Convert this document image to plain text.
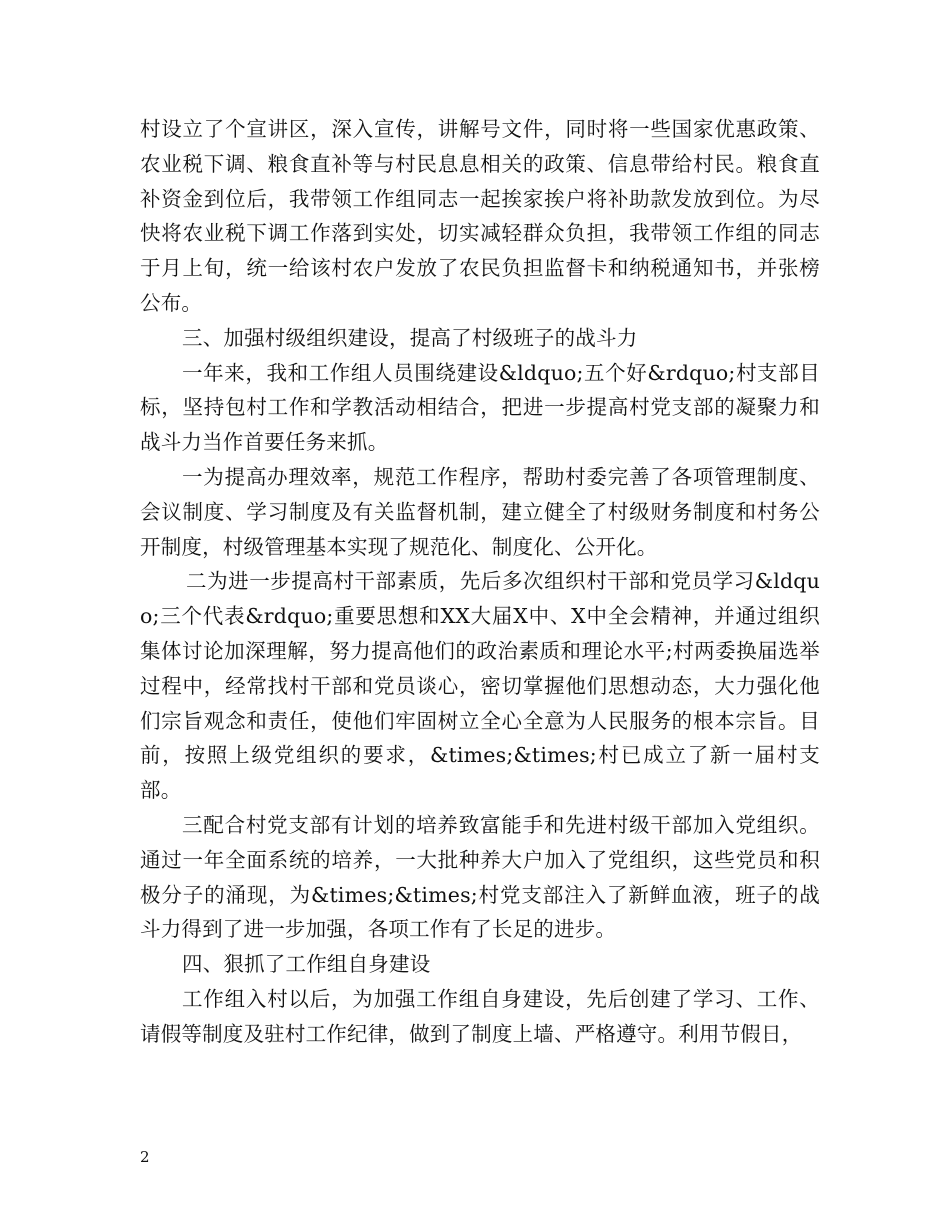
村设立了个宣讲区，深入宣传，讲解号文件，同时将一些国家优惠政策、农业税下调、粮食直补等与村民息息相关的政策、信息带给村民。粮食直补资金到位后，我带领工作组同志一起挨家挨户将补助款发放到位。为尽快将农业税下调工作落到实处，切实减轻群众负担，我带领工作组的同志于月上旬，统一给该村农户发放了农民负担监督卡和纳税通知书，并张榜公布。

三、加强村级组织建设，提高了村级班子的战斗力

一年来，我和工作组人员围绕建设&ldquo;五个好&rdquo;村支部目标，坚持包村工作和学教活动相结合，把进一步提高村党支部的凝聚力和战斗力当作首要任务来抓。

一为提高办理效率，规范工作程序，帮助村委完善了各项管理制度、会议制度、学习制度及有关监督机制，建立健全了村级财务制度和村务公开制度，村级管理基本实现了规范化、制度化、公开化。

二为进一步提高村干部素质，先后多次组织村干部和党员学习&ldquo;三个代表&rdquo;重要思想和XX大届X中、X中全会精神，并通过组织集体讨论加深理解，努力提高他们的政治素质和理论水平;村两委换届选举过程中，经常找村干部和党员谈心，密切掌握他们思想动态，大力强化他们宗旨观念和责任，使他们牢固树立全心全意为人民服务的根本宗旨。目前，按照上级党组织的要求，&times;&times;村已成立了新一届村支部。

三配合村党支部有计划的培养致富能手和先进村级干部加入党组织。通过一年全面系统的培养，一大批种养大户加入了党组织，这些党员和积极分子的涌现，为&times;&times;村党支部注入了新鲜血液，班子的战斗力得到了进一步加强，各项工作有了长足的进步。

四、狠抓了工作组自身建设

工作组入村以后，为加强工作组自身建设，先后创建了学习、工作、请假等制度及驻村工作纪律，做到了制度上墙、严格遵守。利用节假日，

2
